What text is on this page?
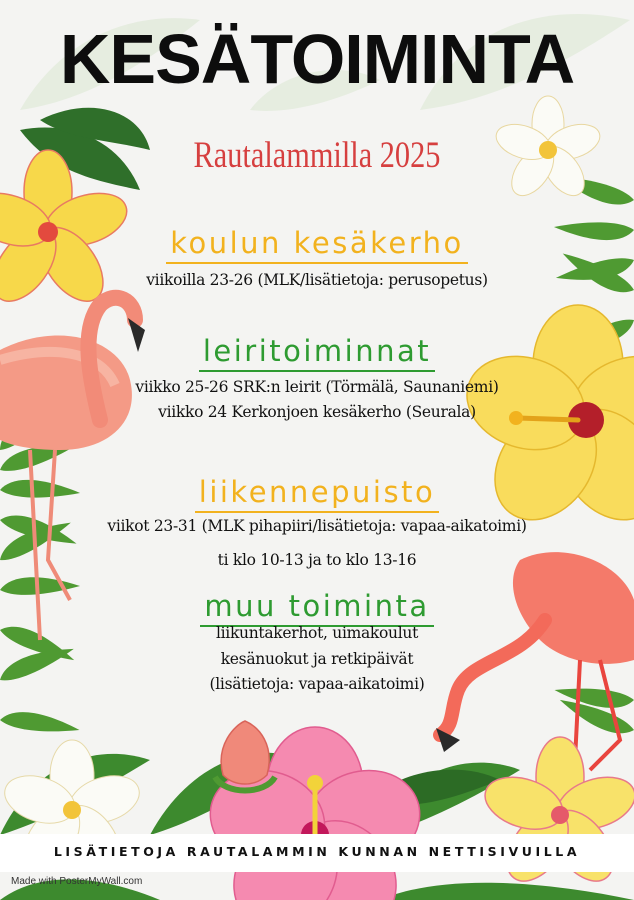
KESÄTOIMINTA
Rautalammilla 2025
koulun kesäkerho
viikoilla 23-26 (MLK/lisätietoja: perusopetus)
leiritoiminnat
viikko 25-26 SRK:n leirit (Törmälä, Saunaniemi)
viikko 24 Kerkonjoen kesäkerho (Seurala)
liikennepuisto
viikot 23-31 (MLK pihapiiri/lisätietoja: vapaa-aikatoimi)
ti klo 10-13 ja to klo 13-16
muu toiminta
liikuntakerhot, uimakoulut
kesänuokut ja retkipäivät
(lisätietoja: vapaa-aikatoimi)
LISÄTIETOJA RAUTALAMMIN KUNNAN NETTISIVUILLA
Made with PosterMyWall.com
